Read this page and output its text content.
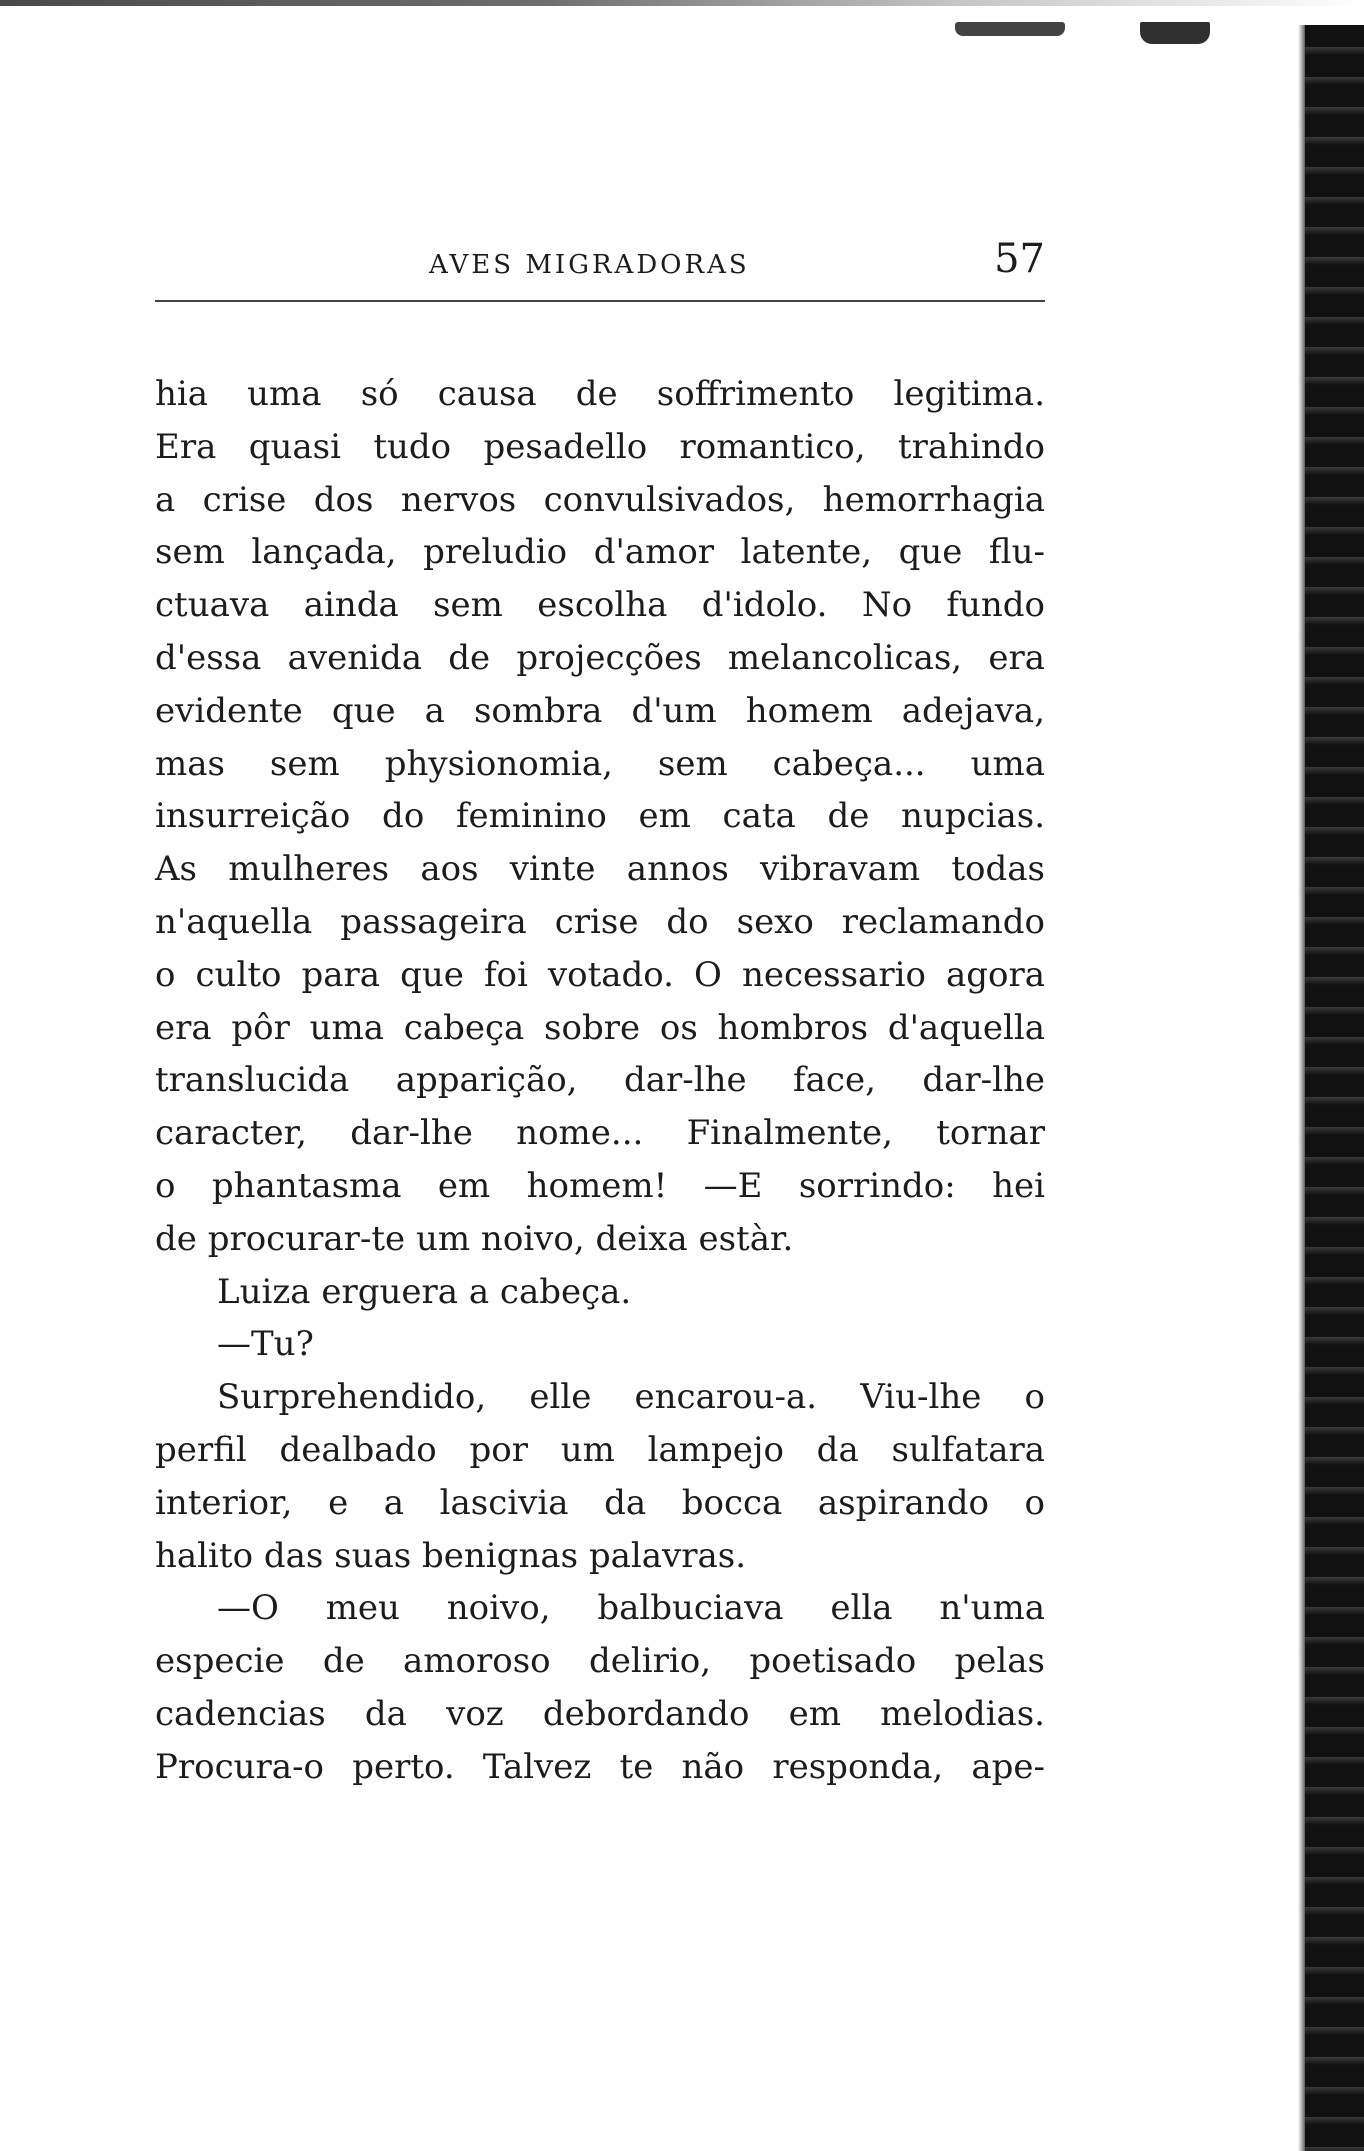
AVES MIGRADORAS	57
hia uma só causa de soffrimento legitima.
Era quasi tudo pesadello romantico, trahindo
a crise dos nervos convulsivados, hemorrhagia
sem lançada, preludio d'amor latente, que flu-
ctuava ainda sem escolha d'idolo. No fundo
d'essa avenida de projecções melancolicas, era
evidente que a sombra d'um homem adejava,
mas sem physionomia, sem cabeça... uma
insurreição do feminino em cata de nupcias.
As mulheres aos vinte annos vibravam todas
n'aquella passageira crise do sexo reclamando
o culto para que foi votado. O necessario agora
era pôr uma cabeça sobre os hombros d'aquella
translucida apparição, dar-lhe face, dar-lhe
caracter, dar-lhe nome... Finalmente, tornar
o phantasma em homem! —E sorrindo: hei
de procurar-te um noivo, deixa estàr.
Luiza erguera a cabeça.
—Tu?
Surprehendido, elle encarou-a. Viu-lhe o
perfil dealbado por um lampejo da sulfatara
interior, e a lascivia da bocca aspirando o
halito das suas benignas palavras.
—O meu noivo, balbuciava ella n'uma
especie de amoroso delirio, poetisado pelas
cadencias da voz debordando em melodias.
Procura-o perto. Talvez te não responda, ape-
